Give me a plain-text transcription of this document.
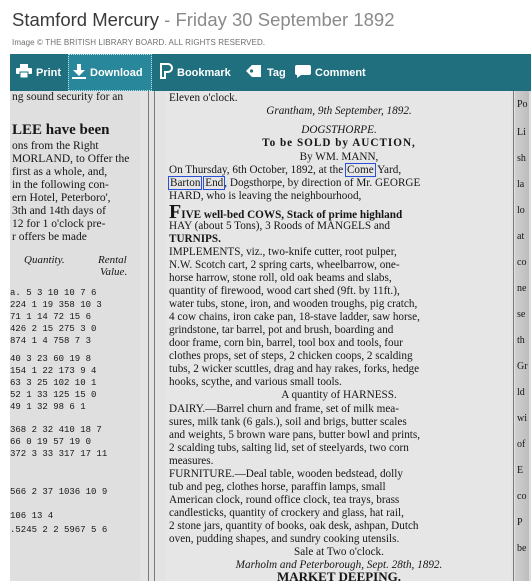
Stamford Mercury - Friday 30 September 1892
Image © THE BRITISH LIBRARY BOARD. ALL RIGHTS RESERVED.
Print	Download	Bookmark	Tag	Comment
ng sound security for an
LEE have been
ons from the Right
MORLAND, to Offer the
first as a whole, and,
in the following con-
ern Hotel, Peterboro',
3th and 14th days of
12 for 1 o'clock pre-
r offers be made
Quantity.	Rental
Value.
a. 5 3 10 10 7 6
224 1 19 358 10 3
71 1 14 72 15 6
426 2 15 275 3 0
874 1 4 758 7 3
40 3 23 60 19 8
154 1 22 173 9 4
63 3 25 102 10 1
52 1 33 125 15 0
49 1 32 98 6 1
368 2 32 410 18 7
66 0 19 57 19 0
372 3 33 317 17 11
566 2 37 1036 10 9
106 13 4
.5245 2 2 5967 5 6
Eleven o'clock.
Grantham, 9th September, 1892.
DOGSTHORPE.
To be SOLD by AUCTION,
By WM. MANN,
On Thursday, 6th October, 1892, at the Come Yard,
Barton End, Dogsthorpe, by direction of Mr. GEORGE
HARD, who is leaving the neighbourhood,
FIVE well-bed COWS, Stack of prime highland
HAY (about 5 Tons), 3 Roods of MANGELS and
TURNIPS.
IMPLEMENTS, viz., two-knife cutter, root pulper,
N.W. Scotch cart, 2 spring carts, wheelbarrow, one-
horse harrow, stone roll, old oak beams and slabs,
quantity of firewood, wood cart shed (9ft. by 11ft.),
water tubs, stone, iron, and wooden troughs, pig cratch,
4 cow chains, iron cake pan, 18-stave ladder, saw horse,
grindstone, tar barrel, pot and brush, boarding and
door frame, corn bin, barrel, tool box and tools, four
clothes props, set of steps, 2 chicken coops, 2 scalding
tubs, 2 wicker scuttles, drag and hay rakes, forks, hedge
hooks, scythe, and various small tools.
A quantity of HARNESS.
DAIRY.—Barrel churn and frame, set of milk mea-
sures, milk tank (6 gals.), soil and brigs, butter scales
and weights, 5 brown ware pans, butter bowl and prints,
2 scalding tubs, salting lid, set of steelyards, two corn
measures.
FURNITURE.—Deal table, wooden bedstead, dolly
tub and peg, clothes horse, paraffin lamps, small
American clock, round office clock, tea trays, brass
candlesticks, quantity of crockery and glass, hat rail,
2 stone jars, quantity of books, oak desk, ashpan, Dutch
oven, pudding shapes, and sundry cooking utensils.
Sale at Two o'clock.
Marholm and Peterborough, Sept. 28th, 1892.
MARKET DEEPING.
Po
Li
sh
la
lo
at
co
ne
se
th
Gr
ld
wi
of
E
co
P
be
